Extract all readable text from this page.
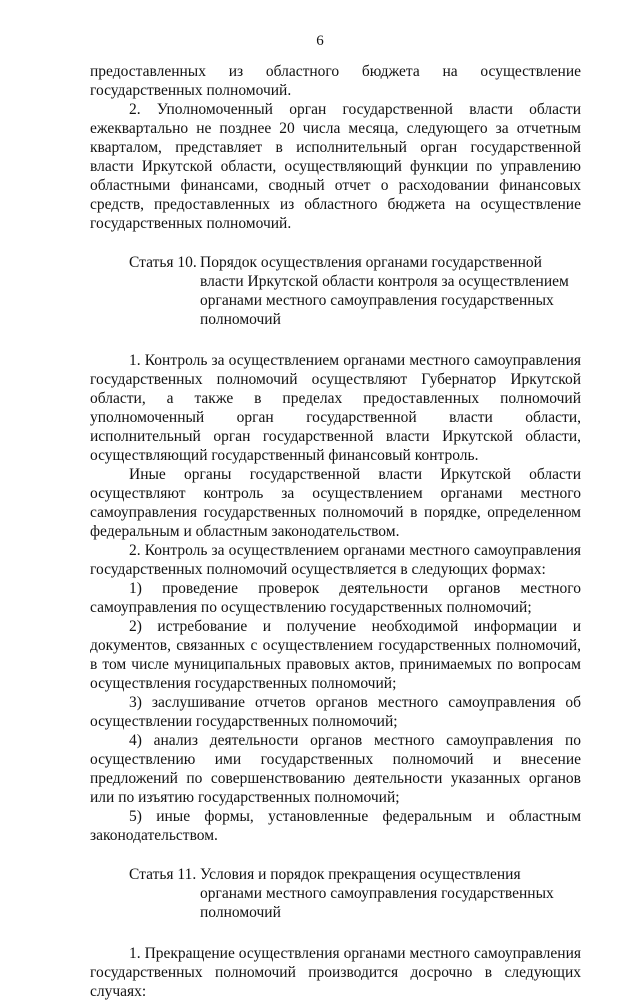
6

предоставленных из областного бюджета на осуществление государственных полномочий.

2. Уполномоченный орган государственной власти области ежеквартально не позднее 20 числа месяца, следующего за отчетным кварталом, представляет в исполнительный орган государственной власти Иркутской области, осуществляющий функции по управлению областными финансами, сводный отчет о расходовании финансовых средств, предоставленных из областного бюджета на осуществление государственных полномочий.

Статья 10. Порядок осуществления органами государственной власти Иркутской области контроля за осуществлением органами местного самоуправления государственных полномочий

1. Контроль за осуществлением органами местного самоуправления государственных полномочий осуществляют Губернатор Иркутской области, а также в пределах предоставленных полномочий уполномоченный орган государственной власти области, исполнительный орган государственной власти Иркутской области, осуществляющий государственный финансовый контроль.

Иные органы государственной власти Иркутской области осуществляют контроль за осуществлением органами местного самоуправления государственных полномочий в порядке, определенном федеральным и областным законодательством.

2. Контроль за осуществлением органами местного самоуправления государственных полномочий осуществляется в следующих формах:

1) проведение проверок деятельности органов местного самоуправления по осуществлению государственных полномочий;

2) истребование и получение необходимой информации и документов, связанных с осуществлением государственных полномочий, в том числе муниципальных правовых актов, принимаемых по вопросам осуществления государственных полномочий;

3) заслушивание отчетов органов местного самоуправления об осуществлении государственных полномочий;

4) анализ деятельности органов местного самоуправления по осуществлению ими государственных полномочий и внесение предложений по совершенствованию деятельности указанных органов или по изъятию государственных полномочий;

5) иные формы, установленные федеральным и областным законодательством.

Статья 11. Условия и порядок прекращения осуществления органами местного самоуправления государственных полномочий

1. Прекращение осуществления органами местного самоуправления государственных полномочий производится досрочно в следующих случаях:
